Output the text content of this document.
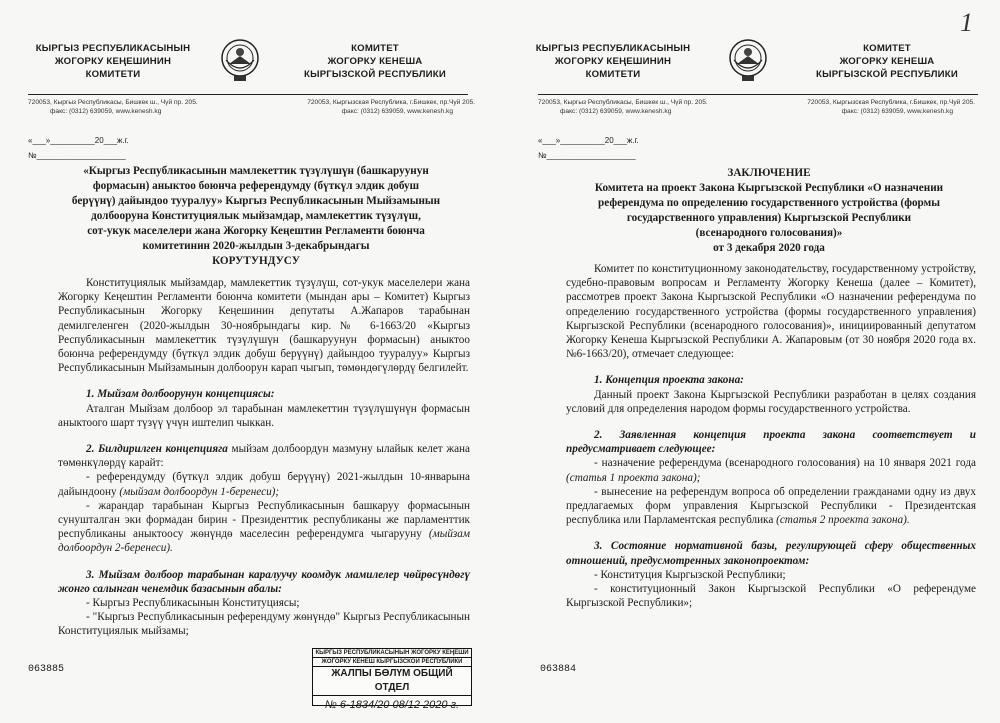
КЫРГЫЗ РЕСПУБЛИКАСЫНЫН
ЖОГОРКУ КЕҢЕШИНИН
КОМИТЕТИ
КОМИТЕТ
ЖОГОРКУ КЕНЕША
КЫРГЫЗСКОЙ РЕСПУБЛИКИ
720053, Кыргыз Республикасы, Бишкек ш., Чүй пр. 205.
факс: (0312) 639059, www.kenesh.kg
720053, Кыргызская Республика, г.Бишкек, пр.Чуй 205.
факс: (0312) 639059, www.kenesh.kg
«___»__________20___ж.г.
№____________________
«Кыргыз Республикасынын мамлекеттик түзүлүшүн (башкаруунун
формасын) аныктоо боюнча референдумду (бүткүл элдик добуш
берүүнү) дайындоо тууралуу» Кыргыз Республикасынын Мыйзамынын
долбооруна Конституциялык мыйзамдар, мамлекеттик түзүлүш,
сот-укук маселелери жана Жогорку Кеңештин Регламенти боюнча
комитетинин 2020-жылдын 3-декабрындагы
КОРУТУНДУСУ

Конституциялык мыйзамдар, мамлекеттик түзүлүш, сот-укук маселелери жана Жогорку Кеңештин Регламенти боюнча комитети (мындан ары – Комитет) Кыргыз Республикасынын Жогорку Кеңешинин депутаты А.Жапаров тарабынан демилгеленген (2020-жылдын 30-ноябрындагы кир.№ 6-1663/20 «Кыргыз Республикасынын мамлекеттик түзүлүшүн (башкаруунун формасын) аныктоо боюнча референдумду (бүткүл элдик добуш берүүнү) дайындоо тууралуу» Кыргыз Республикасынын Мыйзамынын долбоорун карап чыгып, төмөндөгүлөрдү белгилейт.

1. Мыйзам долбоорунун концепциясы:

Аталган Мыйзам долбоор эл тарабынан мамлекеттин түзүлүшүнүн формасын аныктоого шарт түзүү үчүн иштелип чыккан.

2. Билдирилген концепцияга мыйзам долбоордун мазмуну ылайык келет жана төмөнкүлөрдү карайт:

- референдумду (бүткүл элдик добуш берүүнү) 2021-жылдын 10-январына дайындоону (мыйзам долбоордун 1-беренеси);

- жарандар тарабынан Кыргыз Республикасынын башкаруу формасынын сунушталган эки формадан бирин - Президенттик республиканы же парламенттик республиканы аныктоосу жөнүндө маселесин референдумга чыгарууну (мыйзам долбоордун 2-беренеси).

3. Мыйзам долбоор тарабынан каралуучу коомдук мамилелер чөйрөсүндөгү жонго салынган ченемдик базасынын абалы:

- Кыргыз Республикасынын Конституциясы;

- "Кыргыз Республикасынын референдуму жөнүндө" Кыргыз Республикасынын Конституциялык мыйзамы;

063885
КЫРГЫЗ РЕСПУБЛИКАСЫНЫН ЖОГОРКУ КЕҢЕШИ
ЖОГОРКУ КЕНЕШ КЫРГЫЗСКОЙ РЕСПУБЛИКИ
ЖАЛПЫ БӨЛҮМ ОБЩИЙ ОТДЕЛ
№ 6-1834/20 08/12 2020 г.
КЫРГЫЗ РЕСПУБЛИКАСЫНЫН
ЖОГОРКУ КЕҢЕШИНИН
КОМИТЕТИ
КОМИТЕТ
ЖОГОРКУ КЕНЕША
КЫРГЫЗСКОЙ РЕСПУБЛИКИ
720053, Кыргыз Республикасы, Бишкек ш., Чүй пр. 205.
факс: (0312) 639059, www.kenesh.kg
720053, Кыргызская Республика, г.Бишкек, пр.Чуй 205.
факс: (0312) 639059, www.kenesh.kg
«___»__________20___ж.г.
№____________________
ЗАКЛЮЧЕНИЕ
Комитета на проект Закона Кыргызской Республики «О назначении
референдума по определению государственного устройства (формы
государственного управления) Кыргызской Республики
(всенародного голосования)»
от 3 декабря 2020 года

Комитет по конституционному законодательству, государственному устройству, судебно-правовым вопросам и Регламенту Жогорку Кенеша (далее – Комитет), рассмотрев проект Закона Кыргызской Республики «О назначении референдума по определению государственного устройства (формы государственного управления) Кыргызской Республики (всенародного голосования)», инициированный депутатом Жогорку Кенеша Кыргызской Республики А. Жапаровым (от 30 ноября 2020 года вх. №6-1663/20), отмечает следующее:

1. Концепция проекта закона:

Данный проект Закона Кыргызской Республики разработан в целях создания условий для определения народом формы государственного устройства.

2. Заявленная концепция проекта закона соответствует и предусматривает следующее:

- назначение референдума (всенародного голосования) на 10 января 2021 года (статья 1 проекта закона);

- вынесение на референдум вопроса об определении гражданами одну из двух предлагаемых форм управления Кыргызской Республики - Президентская республика или Парламентская республика (статья 2 проекта закона).

3. Состояние нормативной базы, регулирующей сферу общественных отношений, предусмотренных законопроектом:

- Конституция Кыргызской Республики;

- конституционный Закон Кыргызской Республики «О референдуме Кыргызской Республики»;

063884
1
